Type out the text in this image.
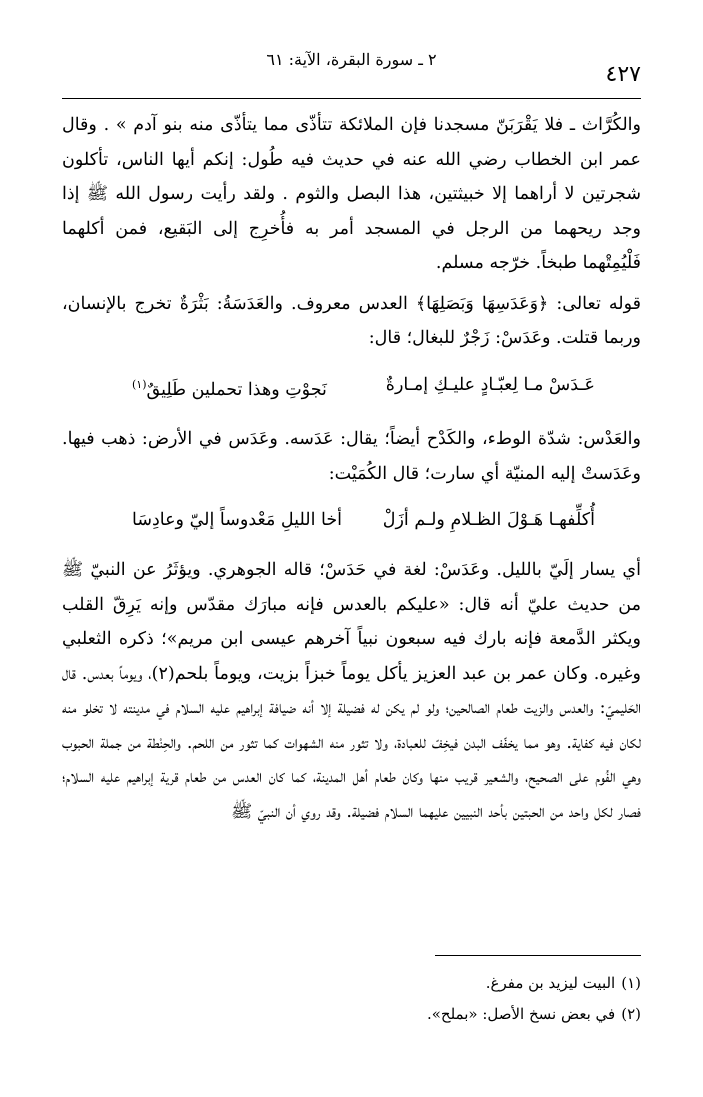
٢ ـ سورة البقرة، الآية: ٦١
٤٢٧

والكُرَّاث ـ فلا يَقْرَبَنّ مسجدنا فإن الملائكة تتأذّى مما يتأذّى منه بنو آدم » . وقال عمر ابن الخطاب رضي الله عنه في حديث فيه طُول: إنكم أيها الناس، تأكلون شجرتين لا أراهما إلا خبيثتين، هذا البصل والثوم . ولقد رأيت رسول الله ﷺ إذا وجد ريحهما من الرجل في المسجد أمر به فأُخرِج إلى البَقيع، فمن أكلهما فَلْيُمِتْهما طبخاً. خرّجه مسلم.

قوله تعالى: ﴿وَعَدَسِهَا وَبَصَلِهَا﴾ العدس معروف. والعَدَسَةُ: بَثْرَةٌ تخرج بالإنسان، وربما قتلت. وعَدَسْ: زَجْرٌ للبغال؛ قال:

عَـدَسْ مـا لِعبّـادٍ عليـكِ إمـارةٌ
نَجوْتِ وهذا تحملين طَلِيقٌ$^{(١)}$

والعَدْس: شدّة الوطء، والكَدْح أيضاً؛ يقال: عَدَسه. وعَدَس في الأرض: ذهب فيها. وعَدَستْ إليه المنيّة أي سارت؛ قال الكُمَيْت:

أُكلِّفهـا هَـوْلَ الظـلامِ ولـم أزَلْ
أخا الليلِ مَعْدوساً إليّ وعادِسَا

أي يسار إلَيّ بالليل. وعَدَسْ: لغة في حَدَسْ؛ قاله الجوهري. ويؤثَرُ عن النبيّ ﷺ من حديث عليّ أنه قال: «عليكم بالعدس فإنه مبارَك مقدّس وإنه يَرِقّ القلب ويكثر الدَّمعة فإنه بارك فيه سبعون نبياً آخرهم عيسى ابن مريم»؛ ذكره الثعلبي وغيره. وكان عمر بن عبد العزيز يأكل يوماً خبزاً بزيت، ويوماً بلحم(٢)، ويوماً بعدس. قال الحَليميّ: والعدس والزيت طعام الصالحين؛ ولو لم يكن له فضيلة إلا أنه ضيافة إبراهيم عليه السلام في مدينته لا تخلو منه لكان فيه كفاية. وهو مما يخفّف البدن فيخِفّ للعبادة، ولا تثور منه الشهوات كما تثور من اللحم. والحِنْطة من جملة الحبوب وهي الفُوم على الصحيح، والشعير قريب منها وكان طعام أهل المدينة، كما كان العدس من طعام قرية إبراهيم عليه السلام؛ فصار لكل واحد من الحبتين بأحد النبيين عليهما السلام فضيلة. وقد روي أن النبيّ ﷺ

(١)البيت ليزيد بن مفرغ.
(٢)في بعض نسخ الأصل: «بملح».
